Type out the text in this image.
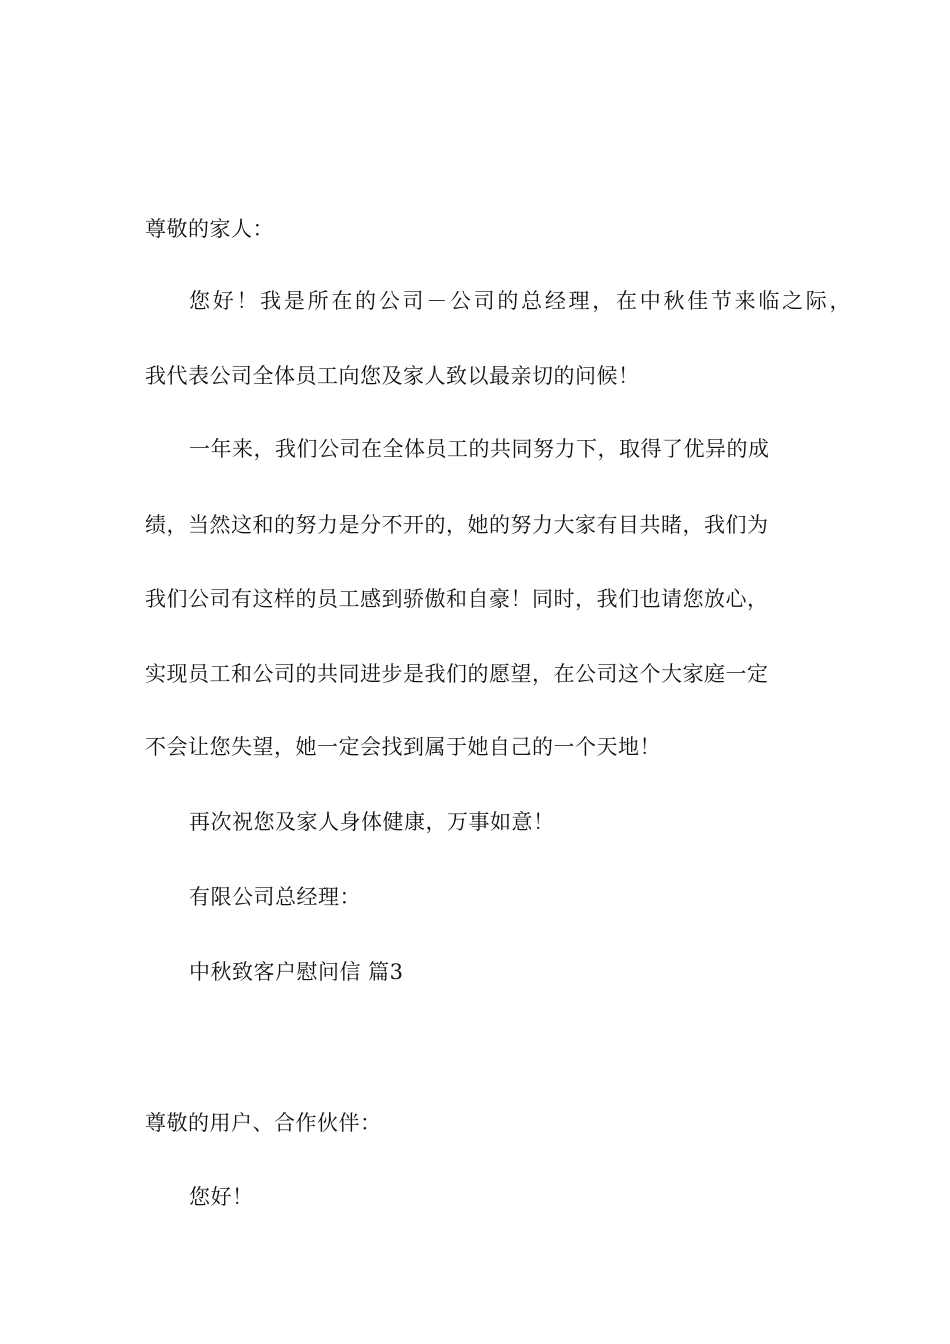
尊敬的家人：
您好！我是所在的公司－公司的总经理，在中秋佳节来临之际，
我代表公司全体员工向您及家人致以最亲切的问候！
一年来，我们公司在全体员工的共同努力下，取得了优异的成
绩，当然这和的努力是分不开的，她的努力大家有目共睹，我们为
我们公司有这样的员工感到骄傲和自豪！同时，我们也请您放心，
实现员工和公司的共同进步是我们的愿望，在公司这个大家庭一定
不会让您失望，她一定会找到属于她自己的一个天地！
再次祝您及家人身体健康，万事如意！
有限公司总经理：
中秋致客户慰问信 篇3
尊敬的用户、合作伙伴：
您好！
